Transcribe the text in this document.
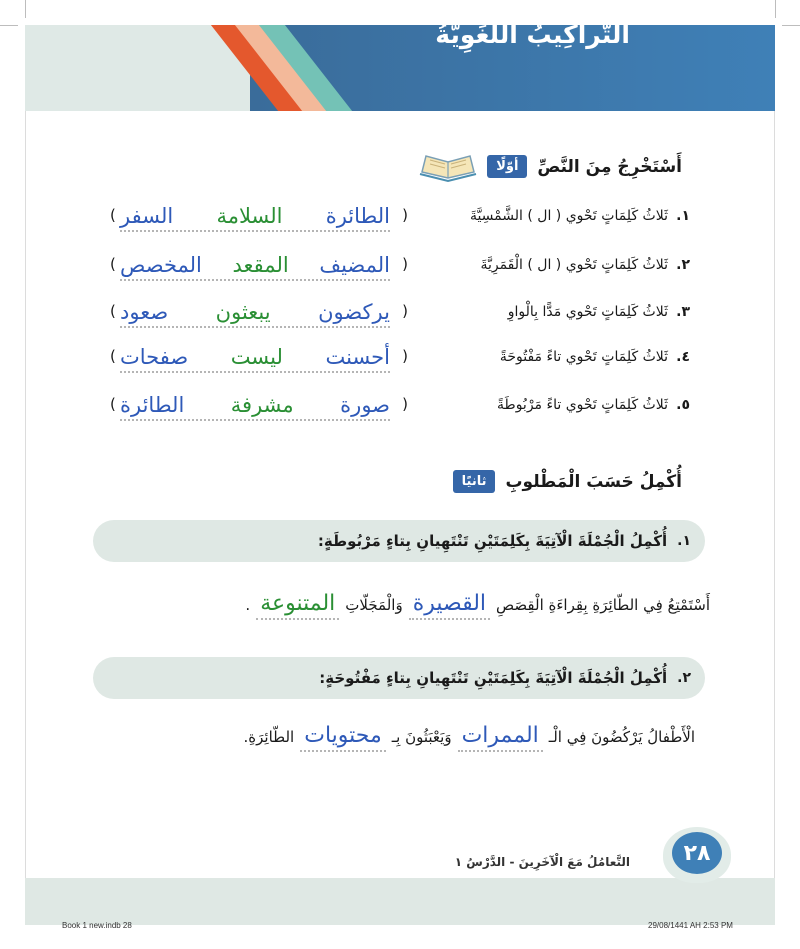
التَّراكِيبُ اللُّغَوِيَّةُ
أوّلًا	أَسْتَخْرِجُ مِنَ النَّصِّ
١.
ثَلاثُ كَلِمَاتٍ تَحْوي ( ال ) الشَّمْسِيَّةَ
(
الطائرة
السلامة
السفر
)
٢.
ثَلاثُ كَلِمَاتٍ تَحْوي ( ال ) الْقَمَرِيَّةَ
(
المضيف
المقعد
المخصص
)
٣.
ثَلاثُ كَلِمَاتٍ تَحْوي مَدًّا بِالْواوِ
(
يركضون
يبعثون
صعود
)
٤.
ثَلاثُ كَلِمَاتٍ تَحْوي تاءً مَفْتُوحَةً
(
أحسنت
ليست
صفحات
)
٥.
ثَلاثُ كَلِمَاتٍ تَحْوي تاءً مَرْبُوطَةً
(
صورة
مشرفة
الطائرة
)
ثانيًا	أُكْمِلُ حَسَبَ الْمَطْلوبِ
١.
أُكْمِلُ الْجُمْلَةَ الْآتِيَةَ بِكَلِمَتَيْنِ تَنْتَهِيانِ بِتاءٍ مَرْبُوطَةٍ:
أَسْتَمْتِعُ فِي الطّائِرَةِ بِقِراءَةِ الْقِصَصِ
القصيرة
وَالْمَجَلّاتِ
المتنوعة
.
٢.
أُكْمِلُ الْجُمْلَةَ الْآتِيَةَ بِكَلِمَتَيْنِ تَنْتَهِيانِ بِتاءٍ مَفْتُوحَةٍ:
الْأَطْفالُ يَرْكُضُونَ فِي الْـ
الممرات
وَيَعْبَثُونَ بِـ
محتويات
الطّائِرَةِ.
التَّعامُلُ مَعَ الْآخَرِينَ - الدَّرْسُ ١	٢٨
Book 1 new.indb 28	29/08/1441 AH 2:53 PM
